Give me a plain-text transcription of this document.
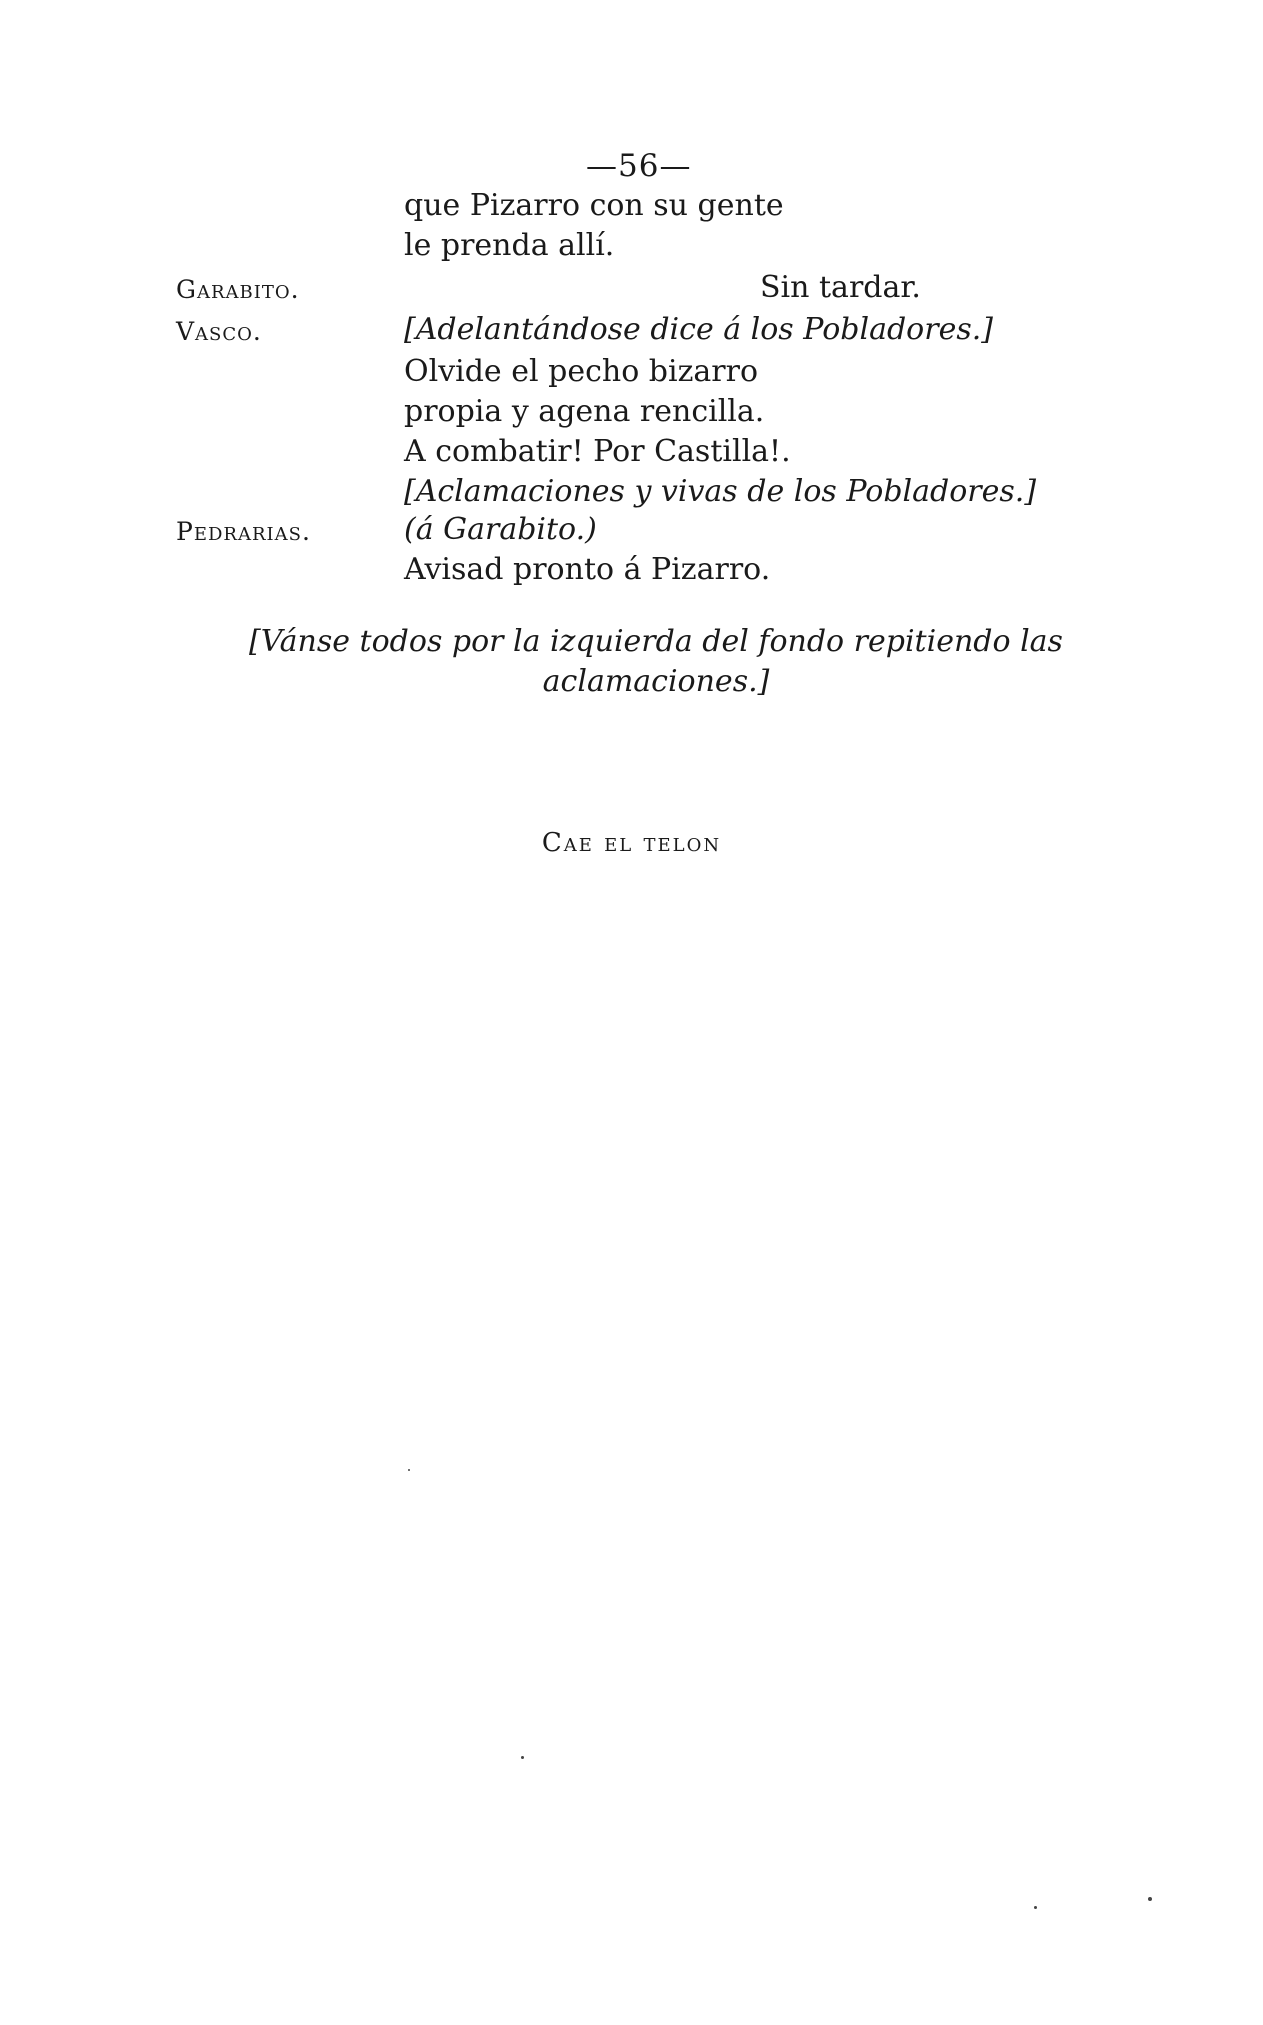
—56—
que Pizarro con su gente
le prenda allí.
Garabito.	Sin tardar.
Vasco.	[Adelantándose dice á los Pobladores.]
Olvide el pecho bizarro
propia y agena rencilla.
A combatir! Por Castilla!.
[Aclamaciones y vivas de los Pobladores.]
Pedrarias.	(á Garabito.)
Avisad pronto á Pizarro.
[Vánse todos por la izquierda del fondo repitiendo las aclamaciones.]
Cae el telon
